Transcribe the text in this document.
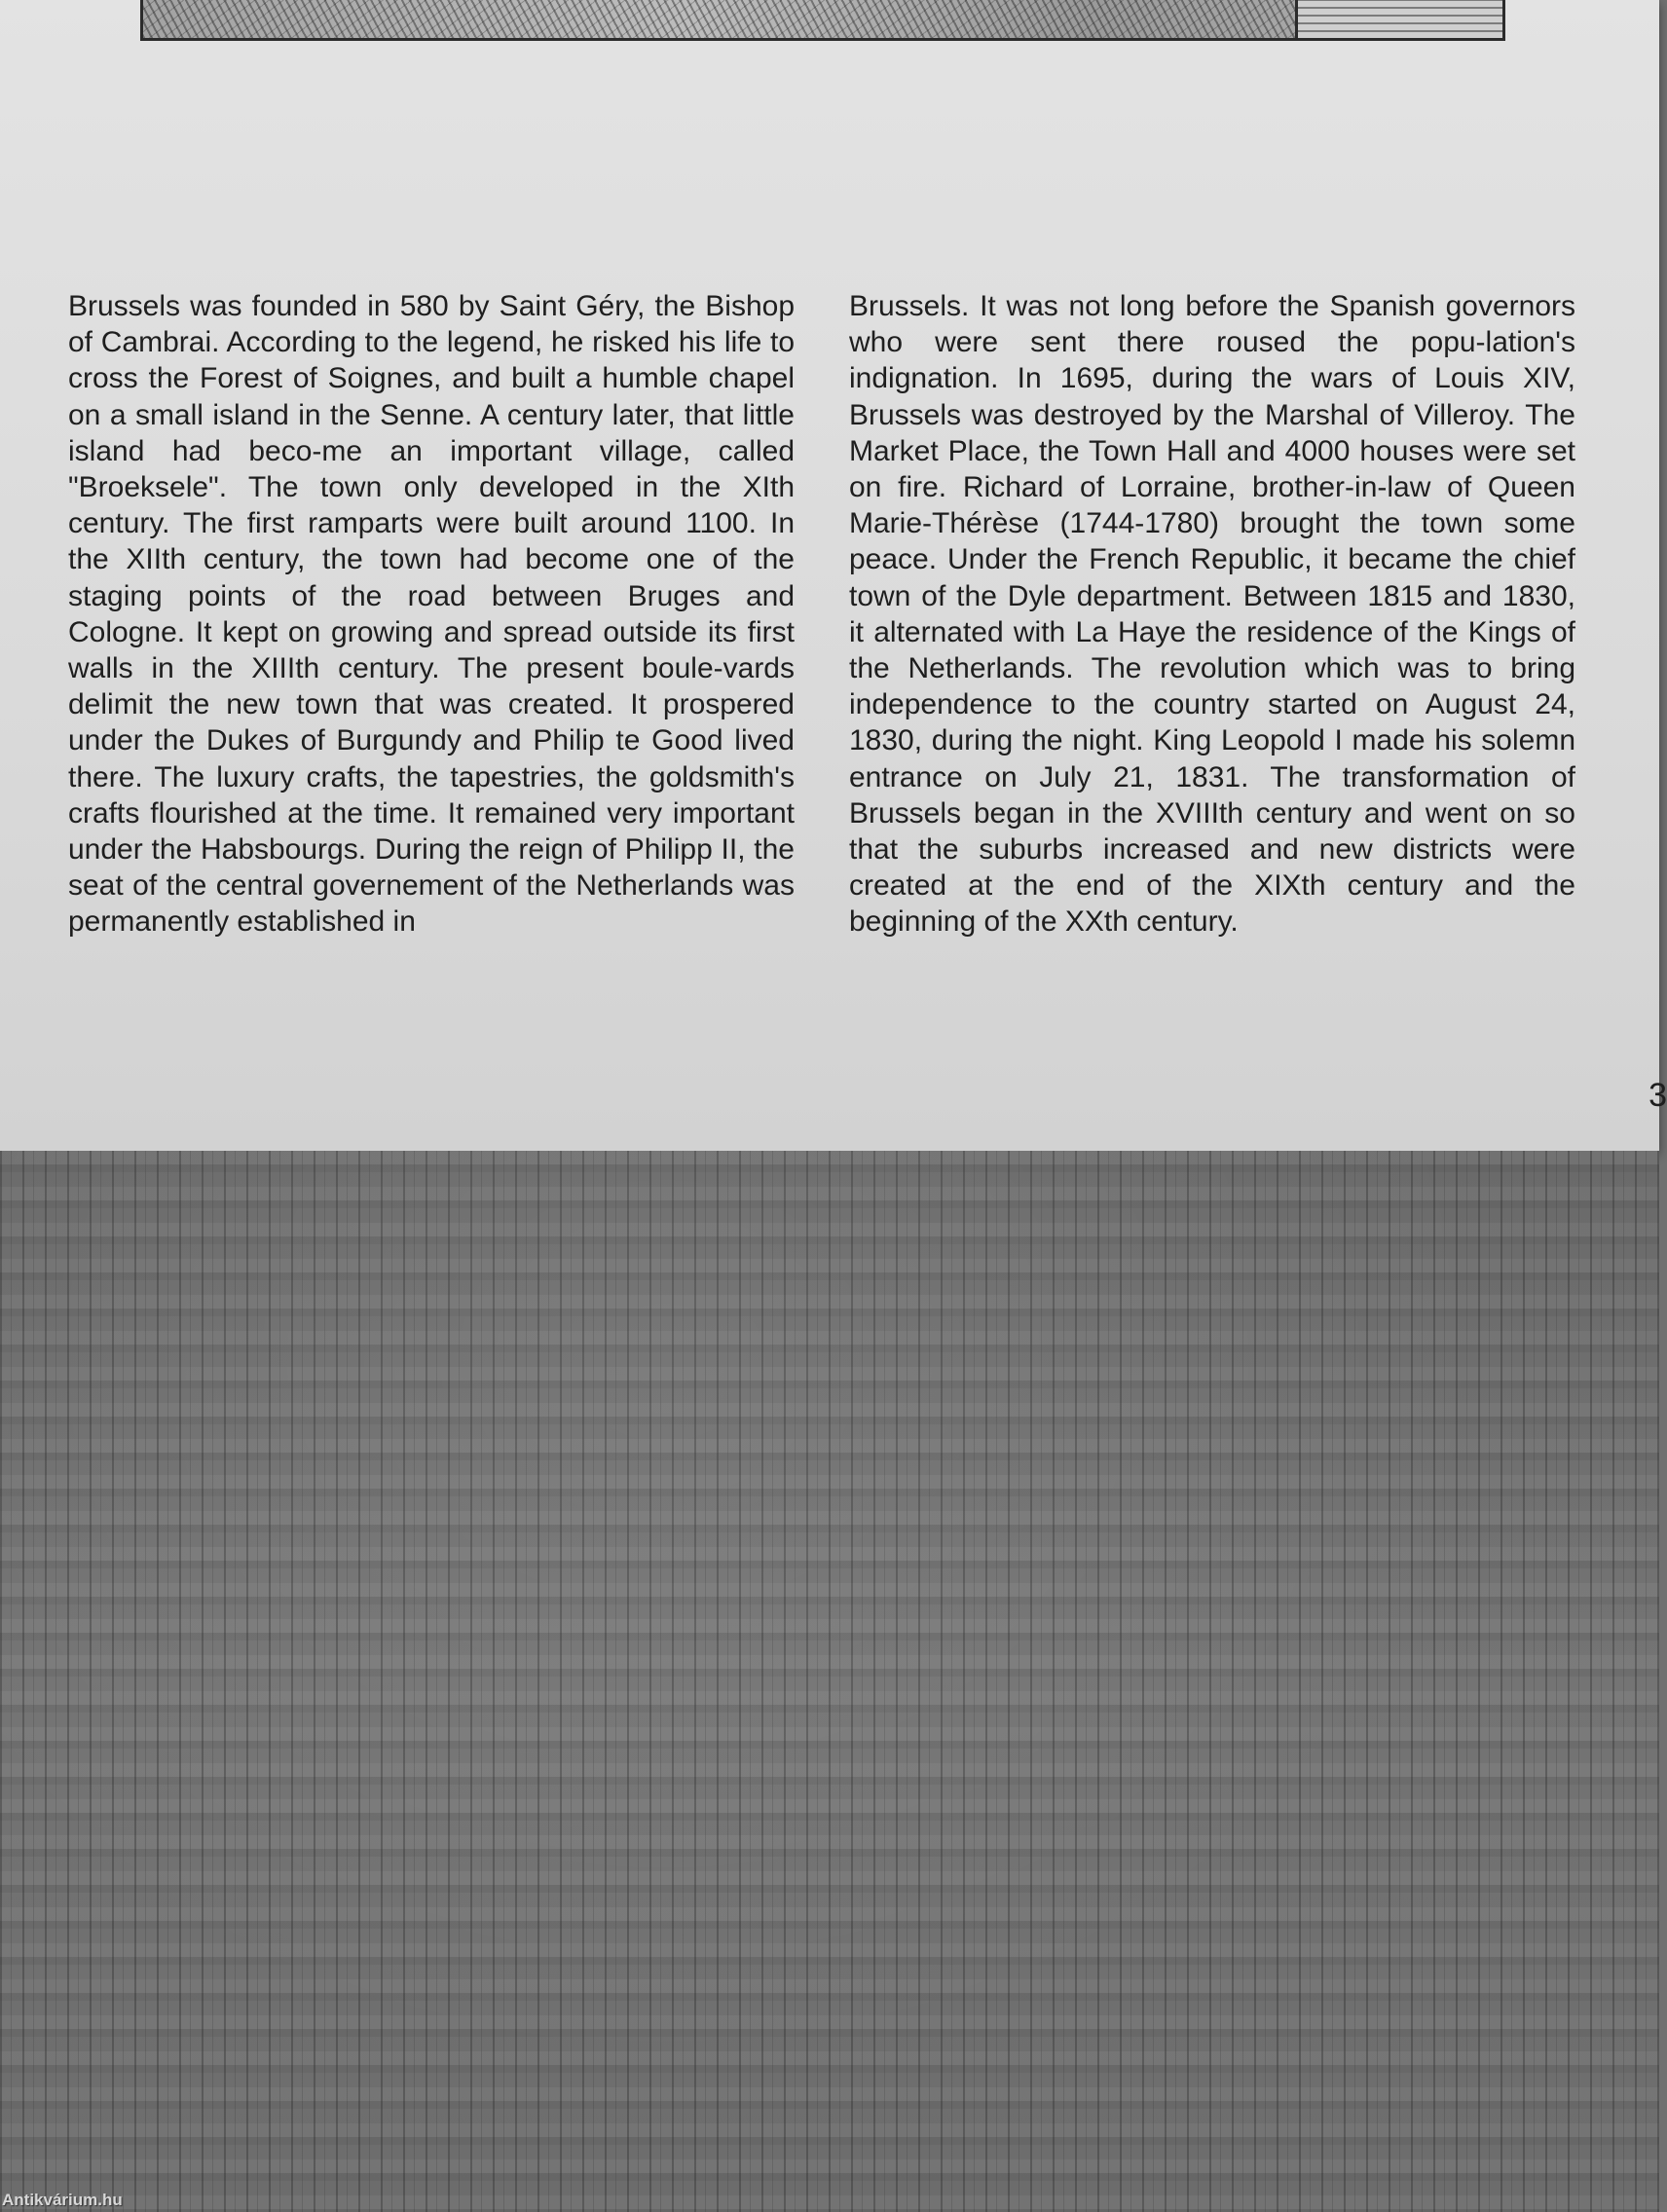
Brussels was founded in 580 by Saint Géry, the Bishop of Cambrai. According to the legend, he risked his life to cross the Forest of Soignes, and built a humble chapel on a small island in the Senne. A century later, that little island had beco-me an important village, called "Broeksele". The town only developed in the XIth century. The first ramparts were built around 1100. In the XIIth century, the town had become one of the staging points of the road between Bruges and Cologne. It kept on growing and spread outside its first walls in the XIIIth century. The present boule-vards delimit the new town that was created. It prospered under the Dukes of Burgundy and Philip te Good lived there. The luxury crafts, the tapestries, the goldsmith's crafts flourished at the time. It remained very important under the Habsbourgs. During the reign of Philipp II, the seat of the central governement of the Netherlands was permanently established in
Brussels. It was not long before the Spanish governors who were sent there roused the popu-lation's indignation. In 1695, during the wars of Louis XIV, Brussels was destroyed by the Marshal of Villeroy. The Market Place, the Town Hall and 4000 houses were set on fire. Richard of Lorraine, brother-in-law of Queen Marie-Thérèse (1744-1780) brought the town some peace. Under the French Republic, it became the chief town of the Dyle department. Between 1815 and 1830, it alternated with La Haye the residence of the Kings of the Netherlands. The revolution which was to bring independence to the country started on August 24, 1830, during the night. King Leopold I made his solemn entrance on July 21, 1831. The transformation of Brussels began in the XVIIIth century and went on so that the suburbs increased and new districts were created at the end of the XIXth century and the beginning of the XXth century.
3
Antikvárium.hu
